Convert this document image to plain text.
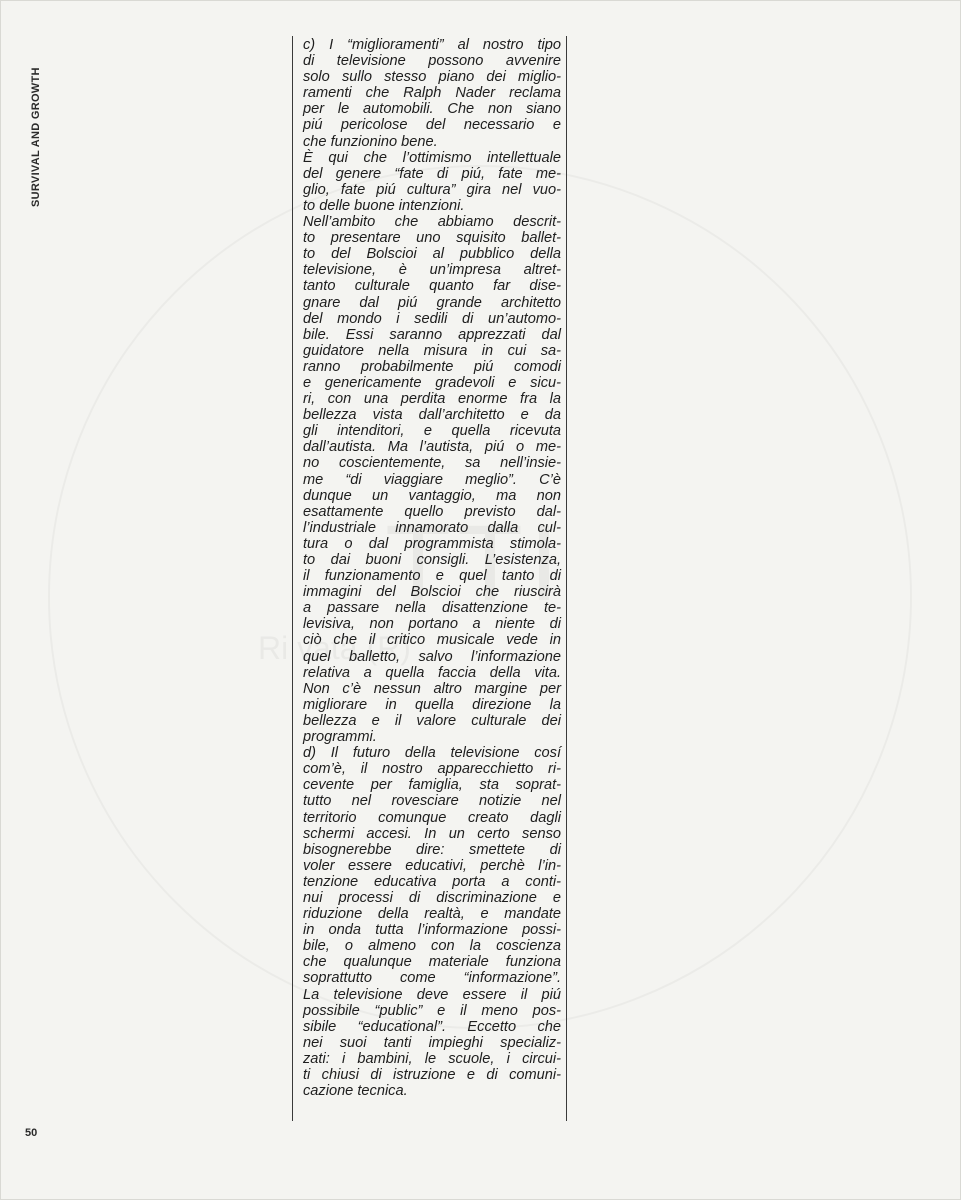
SURVIVAL AND GROWTH

c) I “miglioramenti” al nostro tipo
di televisione possono avvenire
solo sullo stesso piano dei miglio-
ramenti che Ralph Nader reclama
per le automobili. Che non siano
piú pericolose del necessario e
che funzionino bene.

È qui che l’ottimismo intellettuale
del genere “fate di piú, fate me-
glio, fate piú cultura” gira nel vuo-
to delle buone intenzioni.

Nell’ambito che abbiamo descrit-
to presentare uno squisito ballet-
to del Bolscioi al pubblico della
televisione, è un’impresa altret-
tanto culturale quanto far dise-
gnare dal piú grande architetto
del mondo i sedili di un’automo-
bile. Essi saranno apprezzati dal
guidatore nella misura in cui sa-
ranno probabilmente piú comodi
e genericamente gradevoli e sicu-
ri, con una perdita enorme fra la
bellezza vista dall’architetto e da
gli intenditori, e quella ricevuta
dall’autista. Ma l’autista, piú o me-
no coscientemente, sa nell’insie-
me “di viaggiare meglio”. C’è
dunque un vantaggio, ma non
esattamente quello previsto dal-
l’industriale innamorato dalla cul-
tura o dal programmista stimola-
to dai buoni consigli. L’esistenza,
il funzionamento e quel tanto di
immagini del Bolscioi che riuscirà
a passare nella disattenzione te-
levisiva, non portano a niente di
ciò che il critico musicale vede in
quel balletto, salvo l’informazione
relativa a quella faccia della vita.
Non c’è nessun altro margine per
migliorare in quella direzione la
bellezza e il valore culturale dei
programmi.

d) Il futuro della televisione cosí
com’è, il nostro apparecchietto ri-
cevente per famiglia, sta soprat-
tutto nel rovesciare notizie nel
territorio comunque creato dagli
schermi accesi. In un certo senso
bisognerebbe dire: smettete di
voler essere educativi, perchè l’in-
tenzione educativa porta a conti-
nui processi di discriminazione e
riduzione della realtà, e mandate
in onda tutta l’informazione possi-
bile, o almeno con la coscienza
che qualunque materiale funziona
soprattutto come “informazione”.
La televisione deve essere il piú
possibile “public” e il meno pos-
sibile “educational”. Eccetto che
nei suoi tanti impieghi specializ-
zati: i bambini, le scuole, i circui-
ti chiusi di istruzione e di comuni-
cazione tecnica.

50
